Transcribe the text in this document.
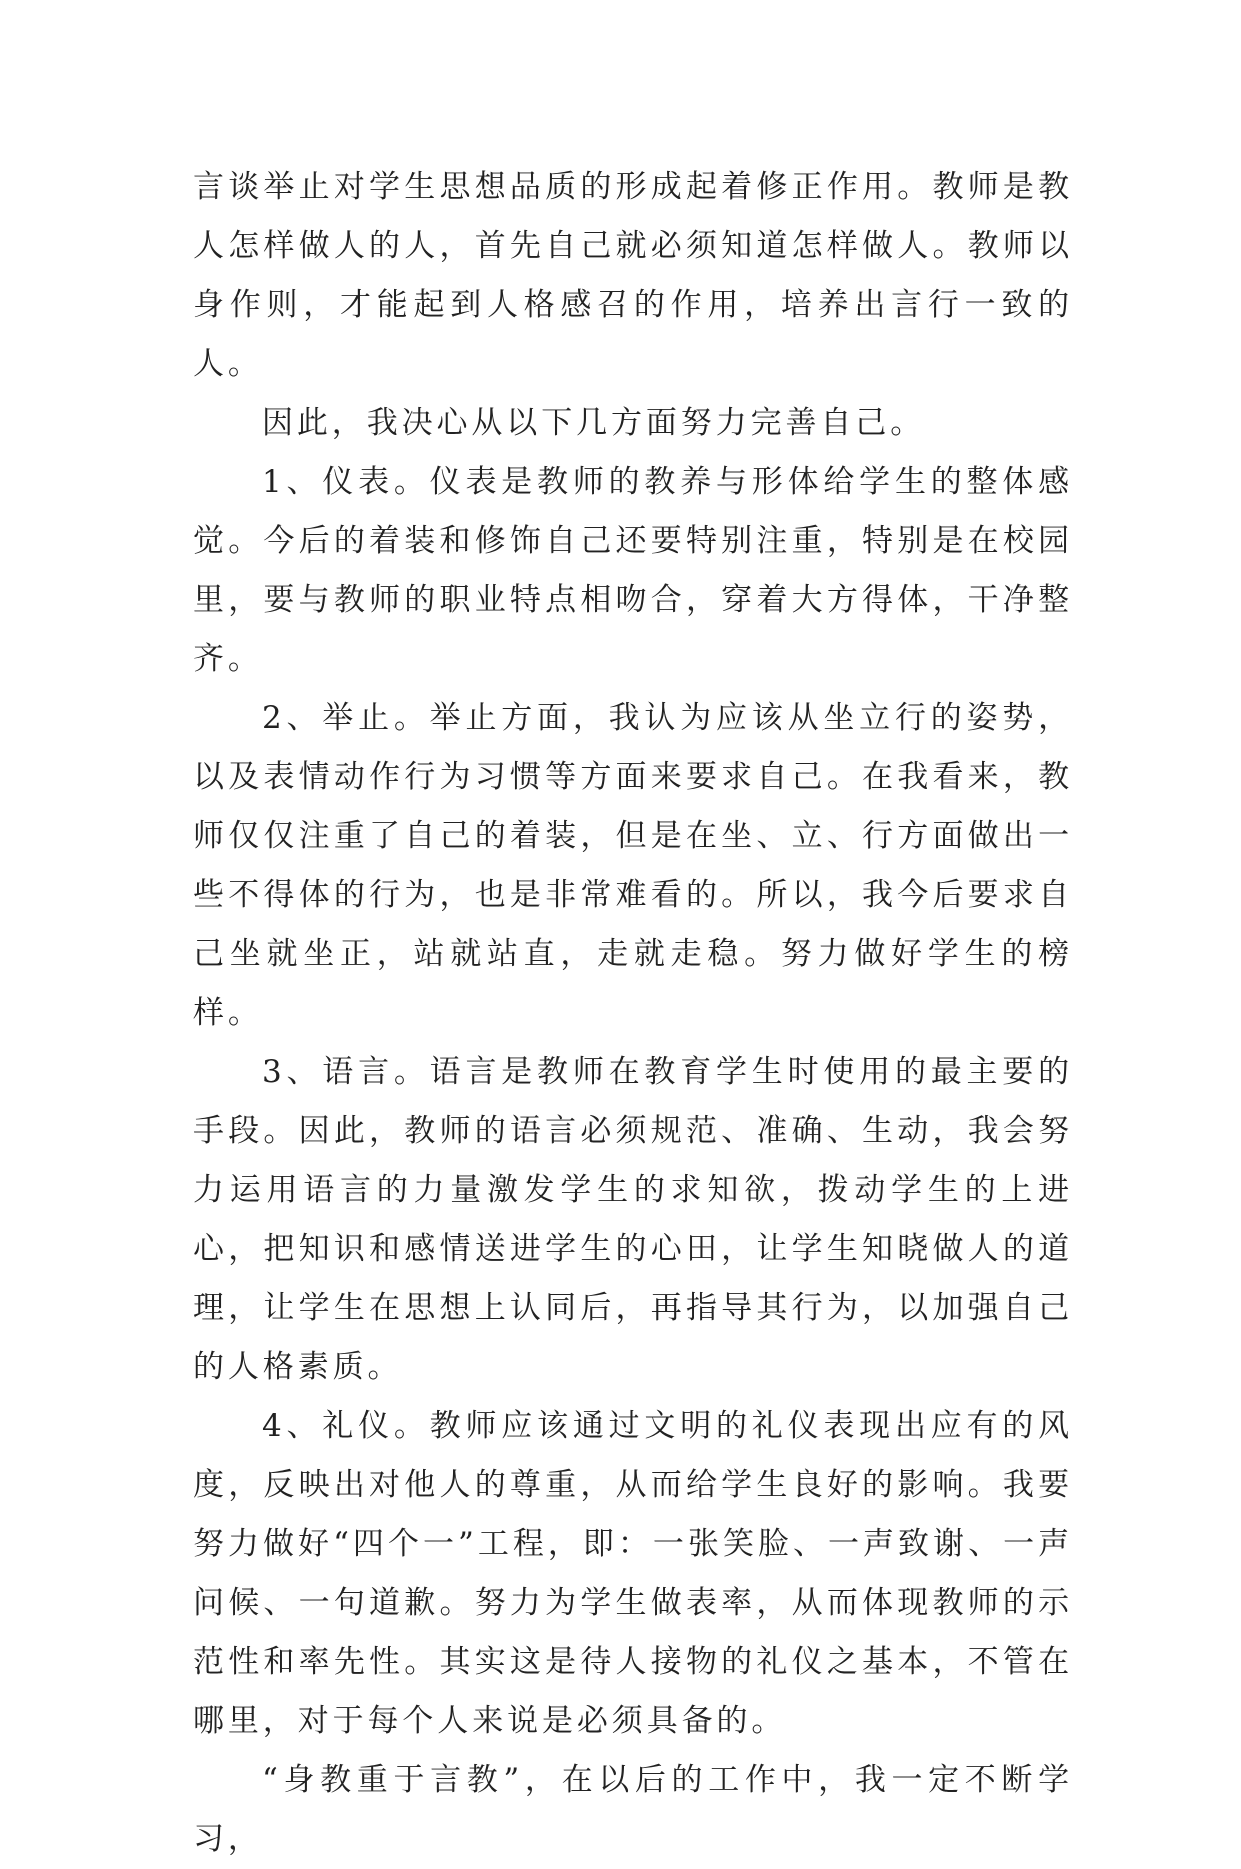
言谈举止对学生思想品质的形成起着修正作用。教师是教人怎样做人的人，首先自己就必须知道怎样做人。教师以身作则，才能起到人格感召的作用，培养出言行一致的人。

因此，我决心从以下几方面努力完善自己。

1、仪表。仪表是教师的教养与形体给学生的整体感觉。今后的着装和修饰自己还要特别注重，特别是在校园里，要与教师的职业特点相吻合，穿着大方得体，干净整齐。

2、举止。举止方面，我认为应该从坐立行的姿势，以及表情动作行为习惯等方面来要求自己。在我看来，教师仅仅注重了自己的着装，但是在坐、立、行方面做出一些不得体的行为，也是非常难看的。所以，我今后要求自己坐就坐正，站就站直，走就走稳。努力做好学生的榜样。

3、语言。语言是教师在教育学生时使用的最主要的手段。因此，教师的语言必须规范、准确、生动，我会努力运用语言的力量激发学生的求知欲，拨动学生的上进心，把知识和感情送进学生的心田，让学生知晓做人的道理，让学生在思想上认同后，再指导其行为，以加强自己的人格素质。

4、礼仪。教师应该通过文明的礼仪表现出应有的风度，反映出对他人的尊重，从而给学生良好的影响。我要努力做好“四个一”工程，即：一张笑脸、一声致谢、一声问候、一句道歉。努力为学生做表率，从而体现教师的示范性和率先性。其实这是待人接物的礼仪之基本，不管在哪里，对于每个人来说是必须具备的。

“身教重于言教”，在以后的工作中，我一定不断学习，
